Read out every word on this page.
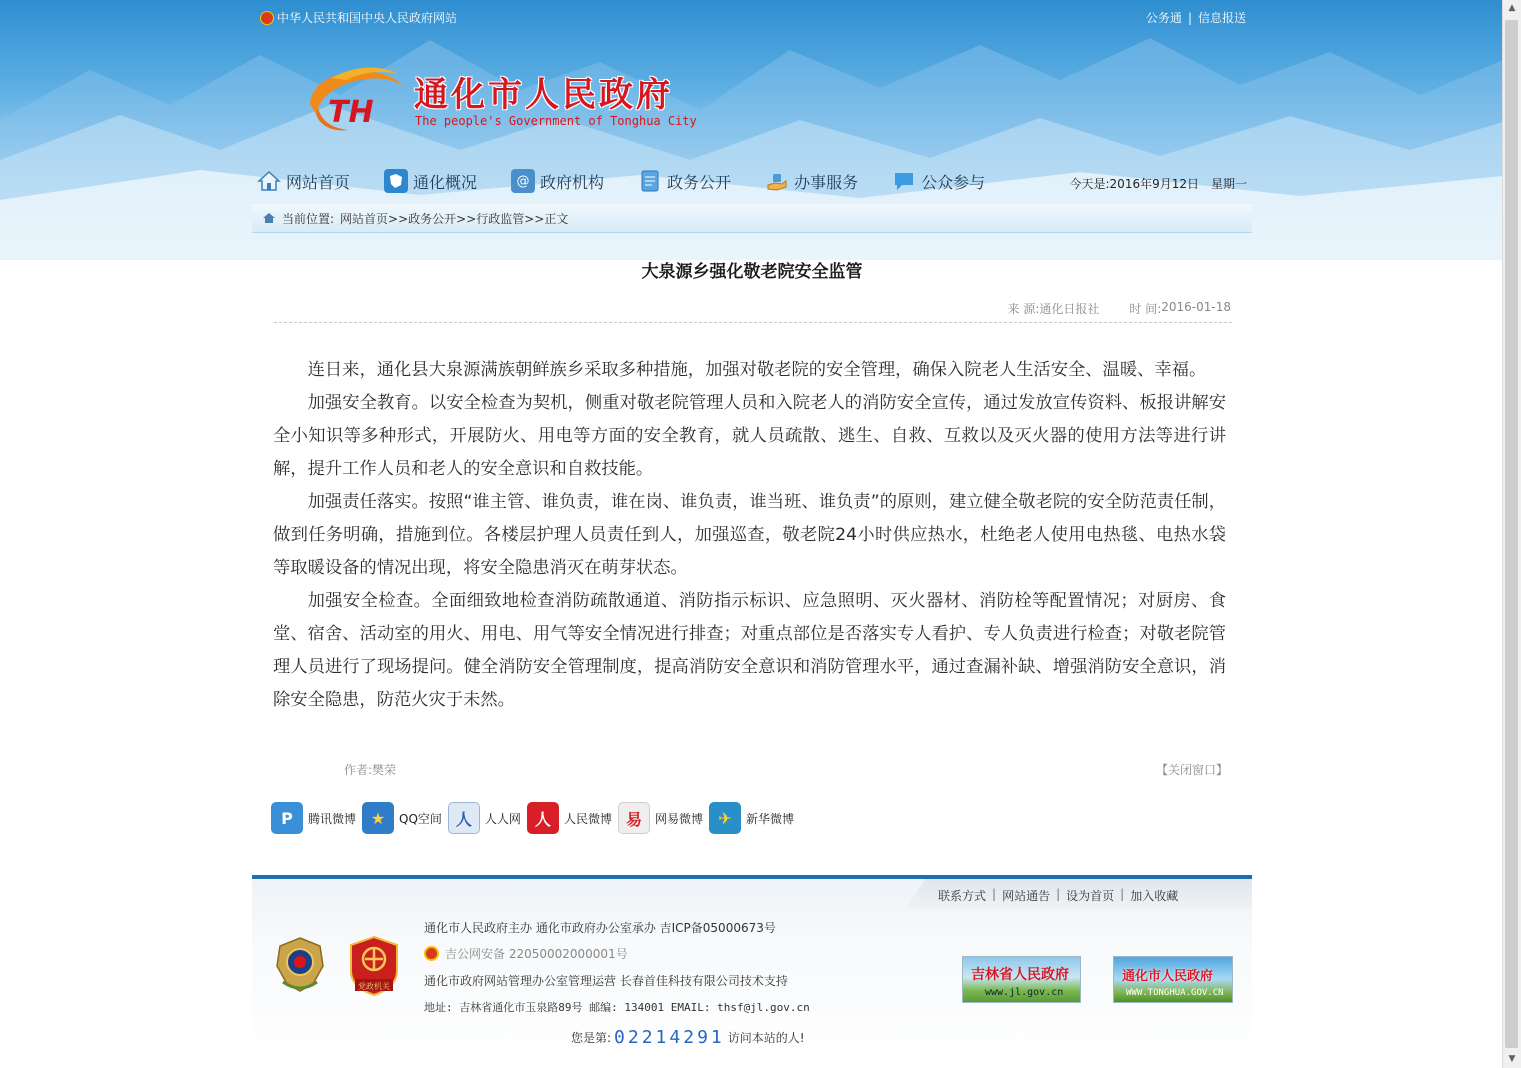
中华人民共和国中央人民政府网站	公务通 | 信息报送
TH 通化市人民政府
The people's Government of Tonghua City
网站首页	通化概况	@ 政府机构	政务公开	办事服务	公众参与	今天是:2016年9月12日　星期一
当前位置: 网站首页>>政务公开>>行政监管>>正文
大泉源乡强化敬老院安全监管
来 源: 通化日报社	时 间: 2016-01-18

连日来，通化县大泉源满族朝鲜族乡采取多种措施，加强对敬老院的安全管理，确保入院老人生活安全、温暖、幸福。

加强安全教育。以安全检查为契机，侧重对敬老院管理人员和入院老人的消防安全宣传，通过发放宣传资料、板报讲解安全小知识等多种形式，开展防火、用电等方面的安全教育，就人员疏散、逃生、自救、互救以及灭火器的使用方法等进行讲解，提升工作人员和老人的安全意识和自救技能。

加强责任落实。按照“谁主管、谁负责，谁在岗、谁负责，谁当班、谁负责”的原则，建立健全敬老院的安全防范责任制，做到任务明确，措施到位。各楼层护理人员责任到人，加强巡查，敬老院24小时供应热水，杜绝老人使用电热毯、电热水袋等取暖设备的情况出现，将安全隐患消灭在萌芽状态。

加强安全检查。全面细致地检查消防疏散通道、消防指示标识、应急照明、灭火器材、消防栓等配置情况；对厨房、食堂、宿舍、活动室的用火、用电、用气等安全情况进行排查；对重点部位是否落实专人看护、专人负责进行检查；对敬老院管理人员进行了现场提问。健全消防安全管理制度，提高消防安全意识和消防管理水平，通过查漏补缺、增强消防安全意识，消除安全隐患，防范火灾于未然。

作者:樊荣	【关闭窗口】
P	腾讯微博 ★	QQ空间 人	人人网 人	人民微博 易	网易微博 ✈	新华微博
联系方式 | 网站通告 | 设为首页 | 加入收藏
党政机关
通化市人民政府主办 通化市政府办公室承办 吉ICP备05000673号
吉公网安备 22050002000001号
通化市政府网站管理办公室管理运营 长春首佳科技有限公司技术支持
地址: 吉林省通化市玉泉路89号 邮编: 134001 EMAIL: thsf@jl.gov.cn
您是第: 02214291 访问本站的人!
吉林省人民政府
www.jl.gov.cn
通化市人民政府
WWW.TONGHUA.GOV.CN
▲
▼
